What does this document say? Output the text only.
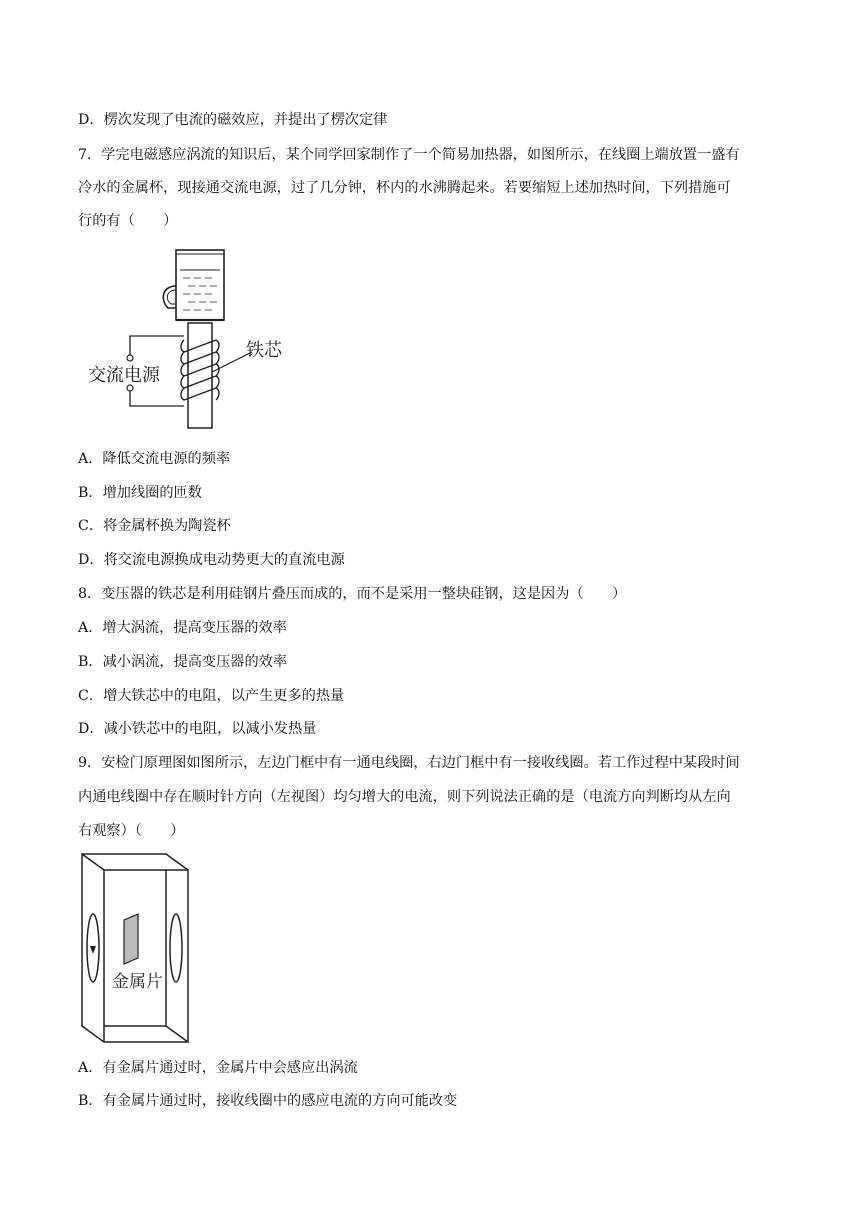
D．楞次发现了电流的磁效应，并提出了楞次定律
7．学完电磁感应涡流的知识后，某个同学回家制作了一个简易加热器，如图所示，在线圈上端放置一盛有
冷水的金属杯，现接通交流电源，过了几分钟，杯内的水沸腾起来。若要缩短上述加热时间，下列措施可
行的有（　　）
交流电源
铁芯
A．降低交流电源的频率
B．增加线圈的匝数
C．将金属杯换为陶瓷杯
D．将交流电源换成电动势更大的直流电源
8．变压器的铁芯是利用硅钢片叠压而成的，而不是采用一整块硅钢，这是因为（　　）
A．增大涡流，提高变压器的效率
B．减小涡流，提高变压器的效率
C．增大铁芯中的电阻，以产生更多的热量
D．减小铁芯中的电阻，以减小发热量
9．安检门原理图如图所示，左边门框中有一通电线圈，右边门框中有一接收线圈。若工作过程中某段时间
内通电线圈中存在顺时针方向（左视图）均匀增大的电流，则下列说法正确的是（电流方向判断均从左向
右观察）（　　）
金属片
A．有金属片通过时，金属片中会感应出涡流
B．有金属片通过时，接收线圈中的感应电流的方向可能改变
